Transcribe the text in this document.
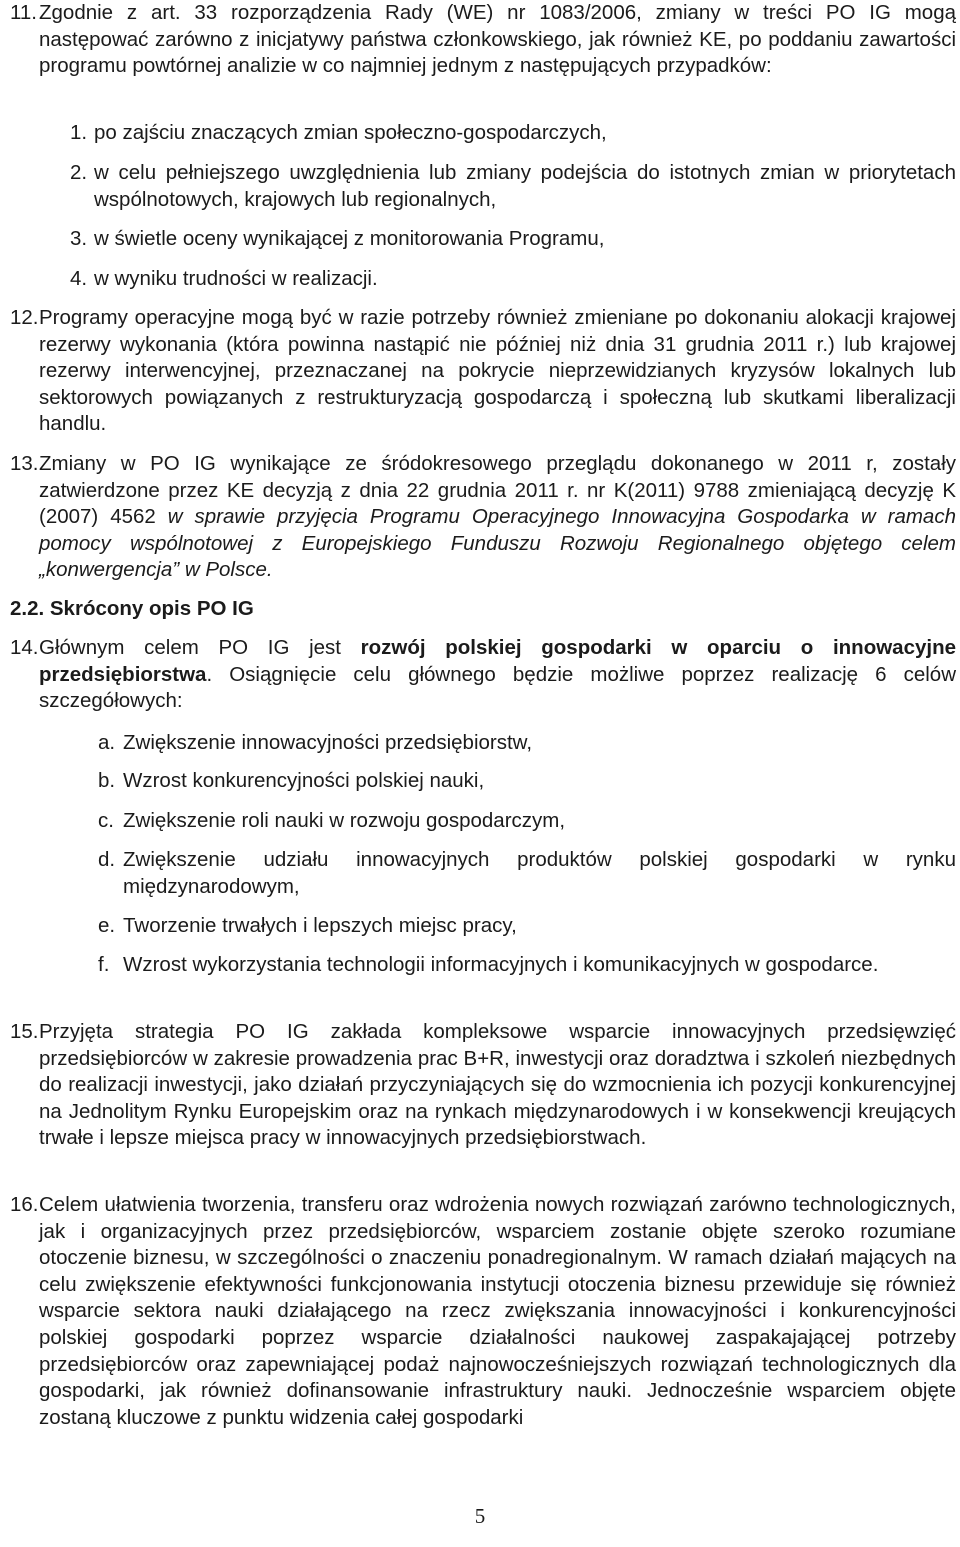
11. Zgodnie z art. 33 rozporządzenia Rady (WE) nr 1083/2006, zmiany w treści PO IG mogą następować zarówno z inicjatywy państwa członkowskiego, jak również KE, po poddaniu zawartości programu powtórnej analizie w co najmniej jednym z następujących przypadków:
1. po zajściu znaczących zmian społeczno-gospodarczych,
2. w celu pełniejszego uwzględnienia lub zmiany podejścia do istotnych zmian w priorytetach wspólnotowych, krajowych lub regionalnych,
3. w świetle oceny wynikającej z monitorowania Programu,
4. w wyniku trudności w realizacji.
12. Programy operacyjne mogą być w razie potrzeby również zmieniane po dokonaniu alokacji krajowej rezerwy wykonania (która powinna nastąpić nie później niż dnia 31 grudnia 2011 r.) lub krajowej rezerwy interwencyjnej, przeznaczanej na pokrycie nieprzewidzianych kryzysów lokalnych lub sektorowych powiązanych z restrukturyzacją gospodarczą i społeczną lub skutkami liberalizacji handlu.
13. Zmiany w PO IG wynikające ze śródokresowego przeglądu dokonanego w 2011 r, zostały zatwierdzone przez KE decyzją z dnia 22 grudnia 2011 r. nr K(2011) 9788 zmieniającą decyzję K (2007) 4562 w sprawie przyjęcia Programu Operacyjnego Innowacyjna Gospodarka w ramach pomocy wspólnotowej z Europejskiego Funduszu Rozwoju Regionalnego objętego celem „konwergencja” w Polsce.
2.2. Skrócony opis PO IG
14. Głównym celem PO IG jest rozwój polskiej gospodarki w oparciu o innowacyjne przedsiębiorstwa. Osiągnięcie celu głównego będzie możliwe poprzez realizację 6 celów szczegółowych:
a. Zwiększenie innowacyjności przedsiębiorstw,
b. Wzrost konkurencyjności polskiej nauki,
c. Zwiększenie roli nauki w rozwoju gospodarczym,
d. Zwiększenie udziału innowacyjnych produktów polskiej gospodarki w rynku międzynarodowym,
e. Tworzenie trwałych i lepszych miejsc pracy,
f. Wzrost wykorzystania technologii informacyjnych i komunikacyjnych w gospodarce.
15. Przyjęta strategia PO IG zakłada kompleksowe wsparcie innowacyjnych przedsięwzięć przedsiębiorców w zakresie prowadzenia prac B+R, inwestycji oraz doradztwa i szkoleń niezbędnych do realizacji inwestycji, jako działań przyczyniających się do wzmocnienia ich pozycji konkurencyjnej na Jednolitym Rynku Europejskim oraz na rynkach międzynarodowych i w konsekwencji kreujących trwałe i lepsze miejsca pracy w innowacyjnych przedsiębiorstwach.
16. Celem ułatwienia tworzenia, transferu oraz wdrożenia nowych rozwiązań zarówno technologicznych, jak i organizacyjnych przez przedsiębiorców, wsparciem zostanie objęte szeroko rozumiane otoczenie biznesu, w szczególności o znaczeniu ponadregionalnym. W ramach działań mających na celu zwiększenie efektywności funkcjonowania instytucji otoczenia biznesu przewiduje się również wsparcie sektora nauki działającego na rzecz zwiększania innowacyjności i konkurencyjności polskiej gospodarki poprzez wsparcie działalności naukowej zaspakajającej potrzeby przedsiębiorców oraz zapewniającej podaż najnowocześniejszych rozwiązań technologicznych dla gospodarki, jak również dofinansowanie infrastruktury nauki. Jednocześnie wsparciem objęte zostaną kluczowe z punktu widzenia całej gospodarki
5
